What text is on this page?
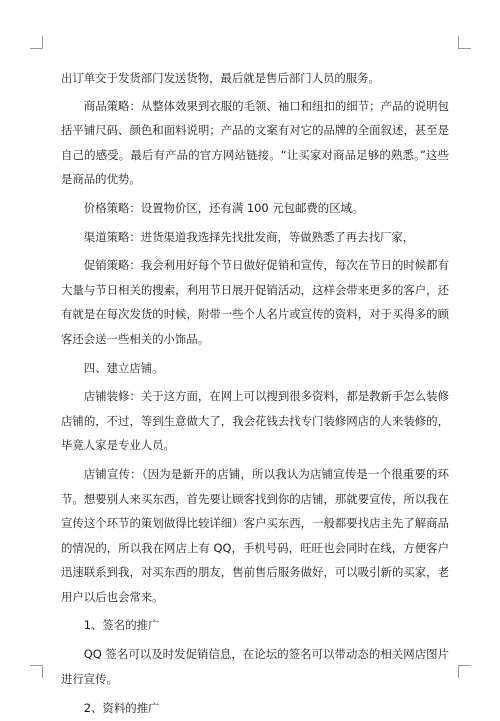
出订单交于发货部门发送货物，最后就是售后部门人员的服务。

商品策略：从整体效果到衣服的毛领、袖口和纽扣的细节；产品的说明包括平铺尺码、颜色和面料说明；产品的文案有对它的品牌的全面叙述，甚至是自己的感受。最后有产品的官方网站链接。“让买家对商品足够的熟悉。”这些是商品的优势。

价格策略：设置物价区，还有满 100 元包邮费的区域。

渠道策略：进货渠道我选择先找批发商，等做熟悉了再去找厂家，

促销策略：我会利用好每个节日做好促销和宣传，每次在节日的时候都有大量与节日相关的搜索，利用节日展开促销活动，这样会带来更多的客户，还有就是在每次发货的时候，附带一些个人名片或宣传的资料，对于买得多的顾客还会送一些相关的小饰品。

四、建立店铺。

店铺装修：关于这方面，在网上可以搜到很多资料，都是教新手怎么装修店铺的，不过，等到生意做大了，我会花钱去找专门装修网店的人来装修的，毕竟人家是专业人员。

店铺宣传：（因为是新开的店铺，所以我认为店铺宣传是一个很重要的环节。想要别人来买东西，首先要让顾客找到你的店铺，那就要宣传，所以我在宣传这个环节的策划做得比较详细）客户买东西，一般都要找店主先了解商品的情况的，所以我在网店上有 QQ，手机号码，旺旺也会同时在线，方便客户迅速联系到我，对买东西的朋友，售前售后服务做好，可以吸引新的买家，老用户以后也会常来。

1、签名的推广

QQ 签名可以及时发促销信息，在论坛的签名可以带动态的相关网店图片进行宣传。

2、资料的推广
